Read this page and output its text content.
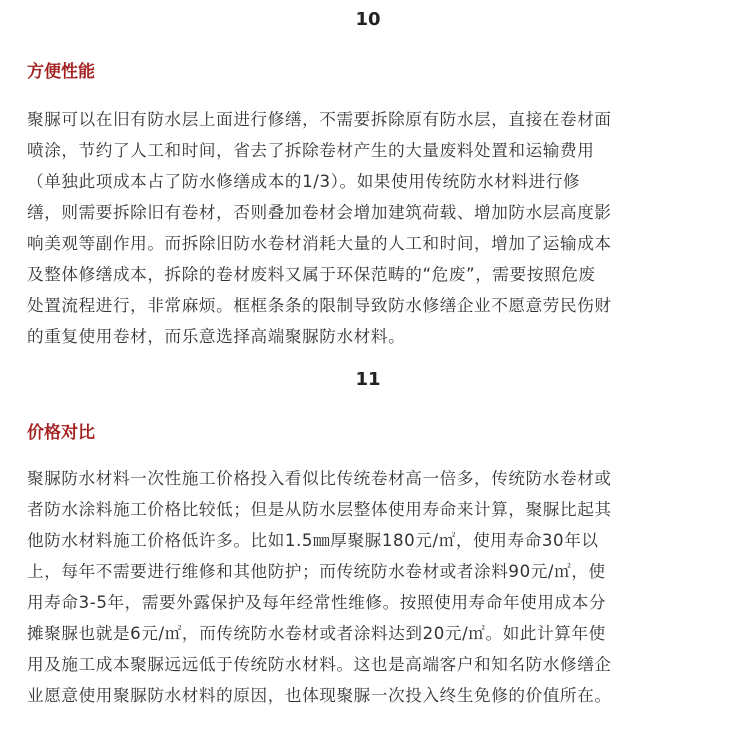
10
方便性能
聚脲可以在旧有防水层上面进行修缮，不需要拆除原有防水层，直接在卷材面
喷涂，节约了人工和时间，省去了拆除卷材产生的大量废料处置和运输费用
（单独此项成本占了防水修缮成本的1/3）。如果使用传统防水材料进行修
缮，则需要拆除旧有卷材，否则叠加卷材会增加建筑荷载、增加防水层高度影
响美观等副作用。而拆除旧防水卷材消耗大量的人工和时间，增加了运输成本
及整体修缮成本，拆除的卷材废料又属于环保范畴的“危废”，需要按照危废
处置流程进行，非常麻烦。框框条条的限制导致防水修缮企业不愿意劳民伤财
的重复使用卷材，而乐意选择高端聚脲防水材料。
11
价格对比
聚脲防水材料一次性施工价格投入看似比传统卷材高一倍多，传统防水卷材或
者防水涂料施工价格比较低；但是从防水层整体使用寿命来计算，聚脲比起其
他防水材料施工价格低许多。比如1.5㎜厚聚脲180元/㎡，使用寿命30年以
上，每年不需要进行维修和其他防护；而传统防水卷材或者涂料90元/㎡，使
用寿命3-5年，需要外露保护及每年经常性维修。按照使用寿命年使用成本分
摊聚脲也就是6元/㎡，而传统防水卷材或者涂料达到20元/㎡。如此计算年使
用及施工成本聚脲远远低于传统防水材料。这也是高端客户和知名防水修缮企
业愿意使用聚脲防水材料的原因，也体现聚脲一次投入终生免修的价值所在。
